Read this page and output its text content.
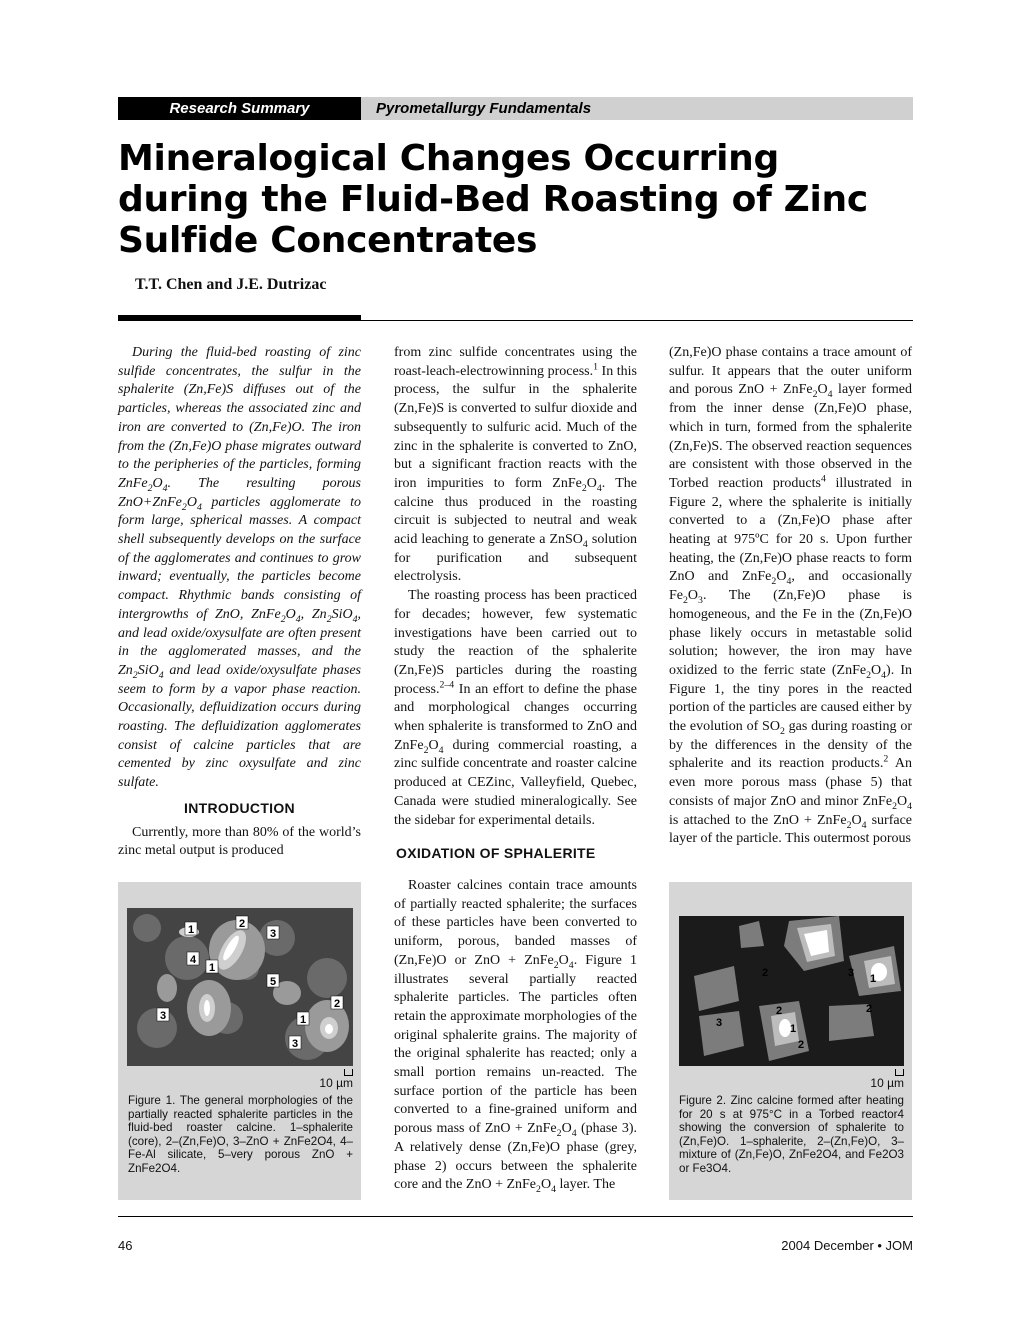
Research Summary	Pyrometallurgy Fundamentals
Mineralogical Changes Occurring during the Fluid-Bed Roasting of Zinc Sulfide Concentrates
T.T. Chen and J.E. Dutrizac

During the fluid-bed roasting of zinc sulfide concentrates, the sulfur in the sphalerite (Zn,Fe)S diffuses out of the particles, whereas the associated zinc and iron are converted to (Zn,Fe)O. The iron from the (Zn,Fe)O phase migrates outward to the peripheries of the particles, forming $ZnFe_2O_4$. The resulting porous $ZnO+ZnFe_2O_4$ particles agglomerate to form large, spherical masses. A compact shell subsequently develops on the surface of the agglomerates and continues to grow inward; eventually, the particles become compact. Rhythmic bands consisting of intergrowths of ZnO, $ZnFe_2O_4$, $Zn_2SiO_4$, and lead oxide/oxysulfate are often present in the agglomerated masses, and the $Zn_2SiO_4$ and lead oxide/oxysulfate phases seem to form by a vapor phase reaction. Occasionally, defluidization occurs during roasting. The defluidization agglomerates consist of calcine particles that are cemented by zinc oxysulfate and zinc sulfate.

INTRODUCTION

Currently, more than 80% of the world’s zinc metal output is produced

from zinc sulfide concentrates using the roast-leach-electrowinning process.$^1$ In this process, the sulfur in the sphalerite (Zn,Fe)S is converted to sulfur dioxide and subsequently to sulfuric acid. Much of the zinc in the sphalerite is converted to ZnO, but a significant fraction reacts with the iron impurities to form $ZnFe_2O_4$. The calcine thus produced in the roasting circuit is subjected to neutral and weak acid leaching to generate a ZnSO$_4$ solution for purification and subsequent electrolysis.

The roasting process has been practiced for decades; however, few systematic investigations have been carried out to study the reaction of the sphalerite (Zn,Fe)S particles during the roasting process.$^{2-4}$ In an effort to define the phase and morphological changes occurring when sphalerite is transformed to ZnO and $ZnFe_2O_4$ during commercial roasting, a zinc sulfide concentrate and roaster calcine produced at CEZinc, Valleyfield, Quebec, Canada were studied mineralogically. See the sidebar for experimental details.

OXIDATION OF SPHALERITE

Roaster calcines contain trace amounts of partially reacted sphalerite; the surfaces of these particles have been converted to uniform, porous, banded masses of (Zn,Fe)O or ZnO + $ZnFe_2O_4$. Figure 1 illustrates several partially reacted sphalerite particles. The particles often retain the approximate morphologies of the original sphalerite grains. The majority of the original sphalerite has reacted; only a small portion remains un-reacted. The surface portion of the particle has been converted to a fine-grained uniform and porous mass of ZnO + $ZnFe_2O_4$ (phase 3). A relatively dense (Zn,Fe)O phase (grey, phase 2) occurs between the sphalerite core and the ZnO + $ZnFe_2O_4$ layer. The

(Zn,Fe)O phase contains a trace amount of sulfur. It appears that the outer uniform and porous ZnO + $ZnFe_2O_4$ layer formed from the inner dense (Zn,Fe)O phase, which in turn, formed from the sphalerite (Zn,Fe)S. The observed reaction sequences are consistent with those observed in the Torbed reaction products$^4$ illustrated in Figure 2, where the sphalerite is initially converted to a (Zn,Fe)O phase after heating at 975ºC for 20 s. Upon further heating, the (Zn,Fe)O phase reacts to form ZnO and $ZnFe_2O_4$, and occasionally $Fe_2O_3$. The (Zn,Fe)O phase is homogeneous, and the Fe in the (Zn,Fe)O phase likely occurs in metastable solid solution; however, the iron may have oxidized to the ferric state $(ZnFe_2O_4)$. In Figure 1, the tiny pores in the reacted portion of the particles are caused either by the evolution of $SO_2$ gas during roasting or by the differences in the density of the sphalerite and its reaction products.$^2$ An even more porous mass (phase 5) that consists of major ZnO and minor $ZnFe_2O_4$ is attached to the ZnO + $ZnFe_2O_4$ surface layer of the particle. This outermost porous

1	2
3
4
1
5
2
3	1
3
10 µm
Figure 1. The general morphologies of the partially reacted sphalerite particles in the fluid-bed roaster calcine. 1–sphalerite (core), 2–(Zn,Fe)O, 3–ZnO + ZnFe2O4, 4–Fe-Al silicate, 5–very porous ZnO + ZnFe2O4.
2	3 1
2
2
1
3
2
10 µm
Figure 2. Zinc calcine formed after heating for 20 s at 975°C in a Torbed reactor4 showing the conversion of sphalerite to (Zn,Fe)O. 1–sphalerite, 2–(Zn,Fe)O, 3–mixture of (Zn,Fe)O, ZnFe2O4, and Fe2O3 or Fe3O4.
46	2004 December • JOM
